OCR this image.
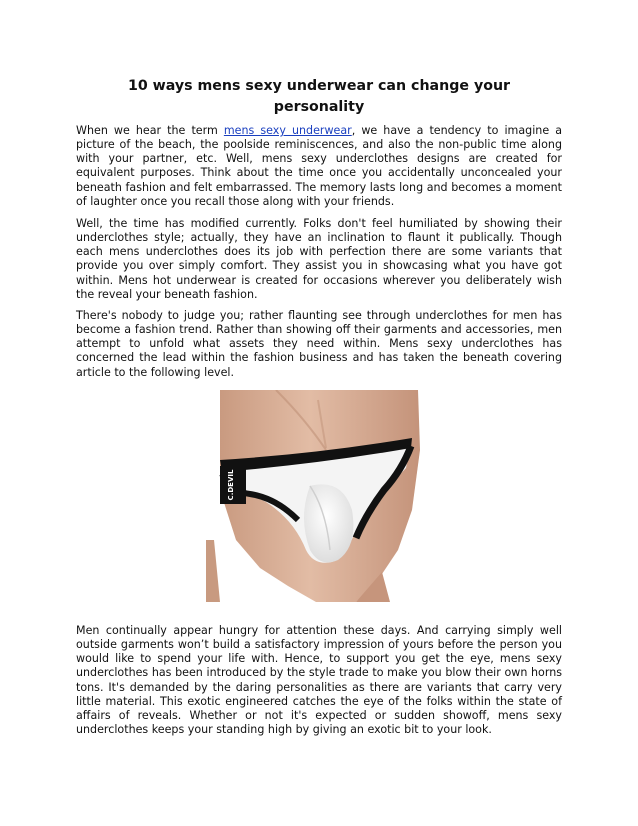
10 ways mens sexy underwear can change your personality

When we hear the term mens sexy underwear, we have a tendency to imagine a picture of the beach, the poolside reminiscences, and also the non-public time along with your partner, etc. Well, mens sexy underclothes designs are created for equivalent purposes. Think about the time once you accidentally unconcealed your beneath fashion and felt embarrassed. The memory lasts long and becomes a moment of laughter once you recall those along with your friends.

Well, the time has modified currently. Folks don't feel humiliated by showing their underclothes style; actually, they have an inclination to flaunt it publically. Though each mens underclothes does its job with perfection there are some variants that provide you over simply comfort. They assist you in showcasing what you have got within. Mens hot underwear is created for occasions wherever you deliberately wish the reveal your beneath fashion.

There's nobody to judge you; rather flaunting see through underclothes for men has become a fashion trend. Rather than showing off their garments and accessories, men attempt to unfold what assets they need within. Mens sexy underclothes has concerned the lead within the fashion business and has taken the beneath covering article to the following level.

C.DEVIL

Men continually appear hungry for attention these days. And carrying simply well outside garments won’t build a satisfactory impression of yours before the person you would like to spend your life with. Hence, to support you get the eye, mens sexy underclothes has been introduced by the style trade to make you blow their own horns tons. It's demanded by the daring personalities as there are variants that carry very little material. This exotic engineered catches the eye of the folks within the state of affairs of reveals. Whether or not it's expected or sudden showoff, mens sexy underclothes keeps your standing high by giving an exotic bit to your look.
